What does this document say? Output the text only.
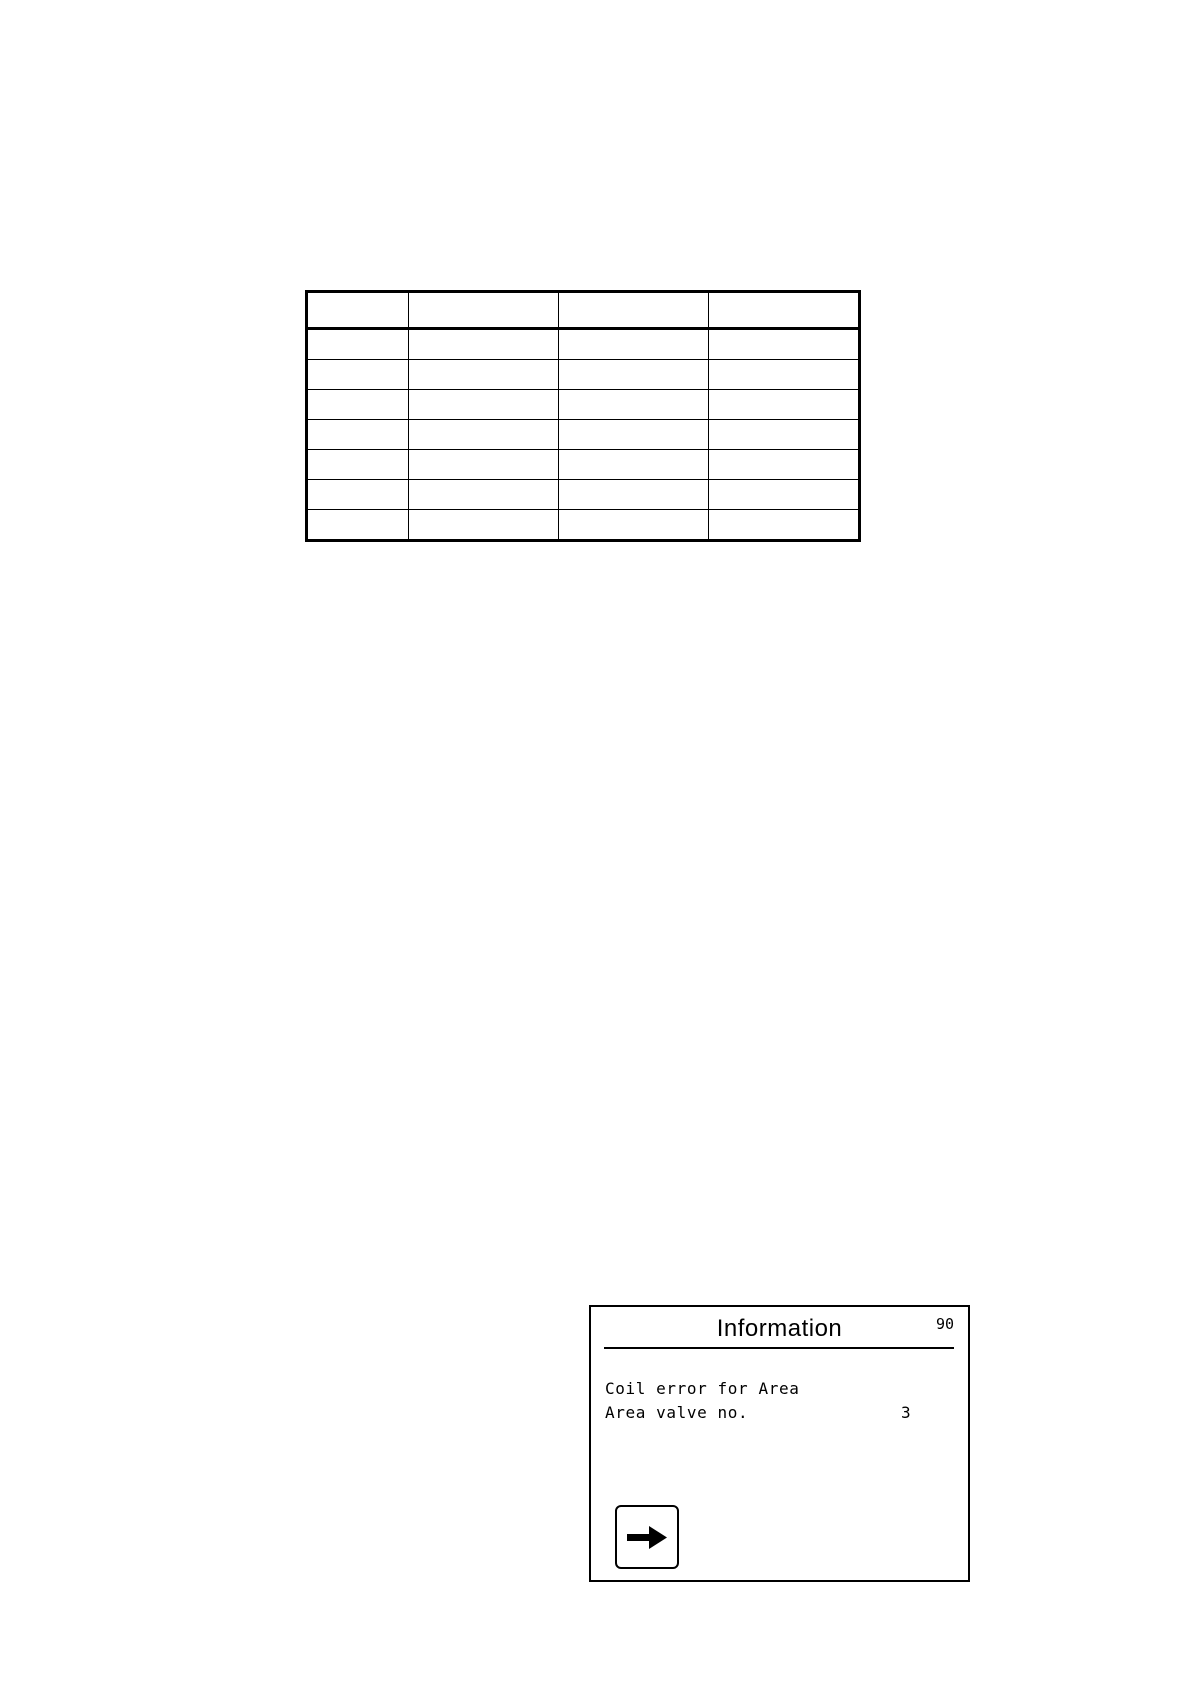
Information	90
Coil error for Area
Area valve no.	3
